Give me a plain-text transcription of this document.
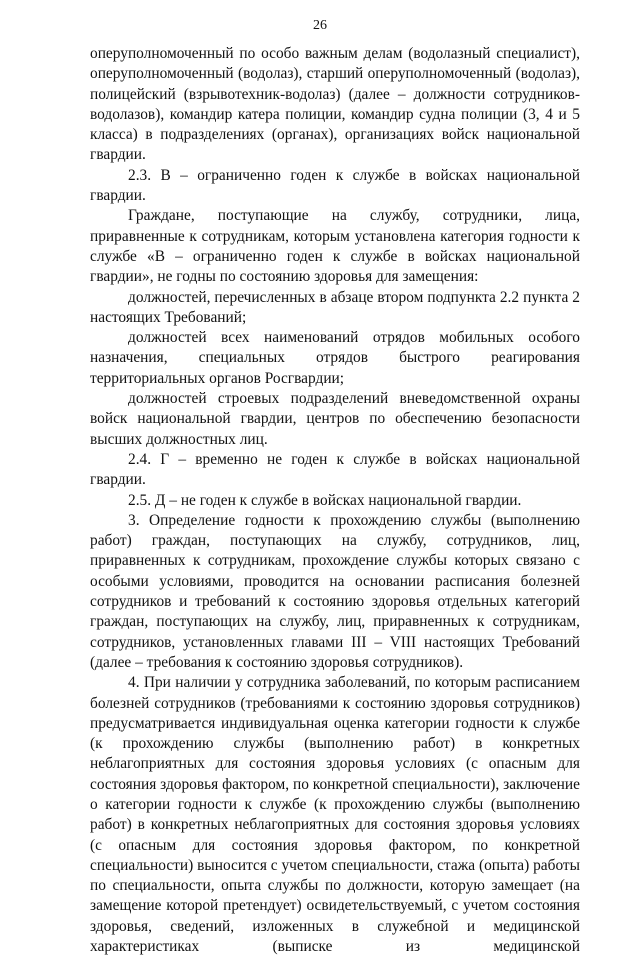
26

оперуполномоченный по особо важным делам (водолазный специалист), оперуполномоченный (водолаз), старший оперуполномоченный (водолаз), полицейский (взрывотехник-водолаз) (далее – должности сотрудников-водолазов), командир катера полиции, командир судна полиции (3, 4 и 5 класса) в подразделениях (органах), организациях войск национальной гвардии.

2.3. В – ограниченно годен к службе в войсках национальной гвардии.

Граждане, поступающие на службу, сотрудники, лица, приравненные к сотрудникам, которым установлена категория годности к службе «В – ограниченно годен к службе в войсках национальной гвардии», не годны по состоянию здоровья для замещения:

должностей, перечисленных в абзаце втором подпункта 2.2 пункта 2 настоящих Требований;

должностей всех наименований отрядов мобильных особого назначения, специальных отрядов быстрого реагирования территориальных органов Росгвардии;

должностей строевых подразделений вневедомственной охраны войск национальной гвардии, центров по обеспечению безопасности высших должностных лиц.

2.4. Г – временно не годен к службе в войсках национальной гвардии.

2.5. Д – не годен к службе в войсках национальной гвардии.

3. Определение годности к прохождению службы (выполнению работ) граждан, поступающих на службу, сотрудников, лиц, приравненных к сотрудникам, прохождение службы которых связано с особыми условиями, проводится на основании расписания болезней сотрудников и требований к состоянию здоровья отдельных категорий граждан, поступающих на службу, лиц, приравненных к сотрудникам, сотрудников, установленных главами III – VIII настоящих Требований (далее – требования к состоянию здоровья сотрудников).

4. При наличии у сотрудника заболеваний, по которым расписанием болезней сотрудников (требованиями к состоянию здоровья сотрудников) предусматривается индивидуальная оценка категории годности к службе (к прохождению службы (выполнению работ) в конкретных неблагоприятных для состояния здоровья условиях (с опасным для состояния здоровья фактором, по конкретной специальности), заключение о категории годности к службе (к прохождению службы (выполнению работ) в конкретных неблагоприятных для состояния здоровья условиях (с опасным для состояния здоровья фактором, по конкретной специальности) выносится с учетом специальности, стажа (опыта) работы по специальности, опыта службы по должности, которую замещает (на замещение которой претендует) освидетельствуемый, с учетом состояния здоровья, сведений, изложенных в служебной и медицинской характеристиках (выписке из медицинской
